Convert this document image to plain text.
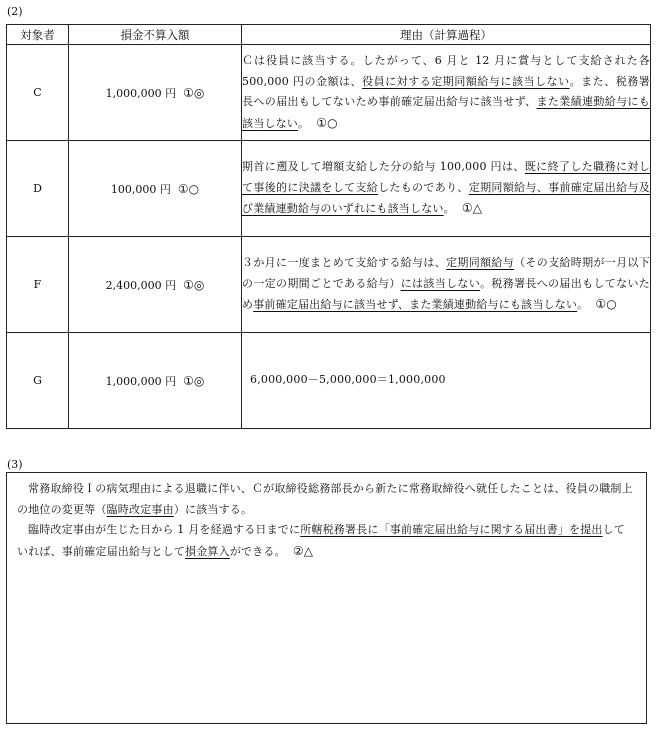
(2)
対象者	損金不算入額	理由（計算過程）
C	1,000,000 円 ①◎	Ｃは役員に該当する。したがって、6 月と 12 月に賞与として支給された各 500,000 円の金額は、役員に対する定期同額給与に該当しない。また、税務署長への届出もしてないため事前確定届出給与に該当せず、また業績連動給与にも該当しない。 ①○
D	100,000 円 ①○	期首に遡及して増額支給した分の給与 100,000 円は、既に終了した職務に対して事後的に決議をして支給したものであり、定期同額給与、事前確定届出給与及び業績連動給与のいずれにも該当しない。 ①△
F	2,400,000 円 ①◎	３か月に一度まとめて支給する給与は、定期同額給与（その支給時期が一月以下の一定の期間ごとである給与）には該当しない。税務署長への届出もしてないため事前確定届出給与に該当せず、また業績連動給与にも該当しない。 ①○
G	1,000,000 円 ①◎	6,000,000－5,000,000＝1,000,000
(3)

常務取締役Ｉの病気理由による退職に伴い、Ｃが取締役総務部長から新たに常務取締役へ就任したことは、役員の職制上の地位の変更等（臨時改定事由）に該当する。

臨時改定事由が生じた日から 1 月を経過する日までに所轄税務署長に「事前確定届出給与に関する届出書」を提出していれば、事前確定届出給与として損金算入ができる。 ②△
